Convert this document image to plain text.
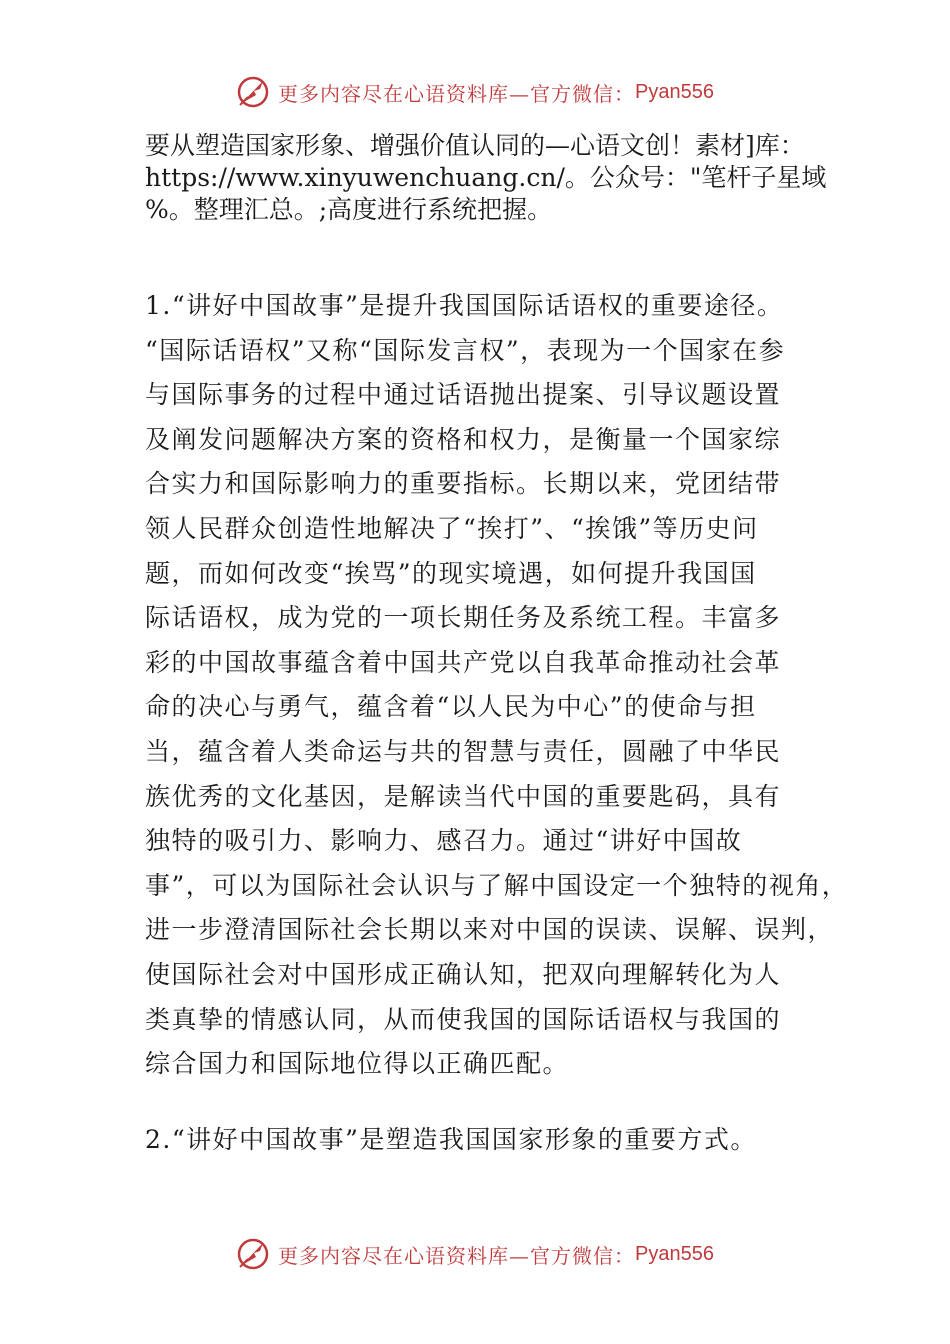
更多内容尽在心语资料库—官方微信： Pyan556
要从塑造国家形象、增强价值认同的—心语文创！素材]库：
https://www.xinyuwenchuang.cn/。公众号："笔杆子星域
%。整理汇总。;高度进行系统把握。
1.“讲好中国故事”是提升我国国际话语权的重要途径。
“国际话语权”又称“国际发言权”，表现为一个国家在参
与国际事务的过程中通过话语抛出提案、引导议题设置
及阐发问题解决方案的资格和权力，是衡量一个国家综
合实力和国际影响力的重要指标。长期以来，党团结带
领人民群众创造性地解决了“挨打”、“挨饿”等历史问
题，而如何改变“挨骂”的现实境遇，如何提升我国国
际话语权，成为党的一项长期任务及系统工程。丰富多
彩的中国故事蕴含着中国共产党以自我革命推动社会革
命的决心与勇气，蕴含着“以人民为中心”的使命与担
当，蕴含着人类命运与共的智慧与责任，圆融了中华民
族优秀的文化基因，是解读当代中国的重要匙码，具有
独特的吸引力、影响力、感召力。通过“讲好中国故
事”，可以为国际社会认识与了解中国设定一个独特的视角，
进一步澄清国际社会长期以来对中国的误读、误解、误判，
使国际社会对中国形成正确认知，把双向理解转化为人
类真挚的情感认同，从而使我国的国际话语权与我国的
综合国力和国际地位得以正确匹配。
2.“讲好中国故事”是塑造我国国家形象的重要方式。
更多内容尽在心语资料库—官方微信： Pyan556
